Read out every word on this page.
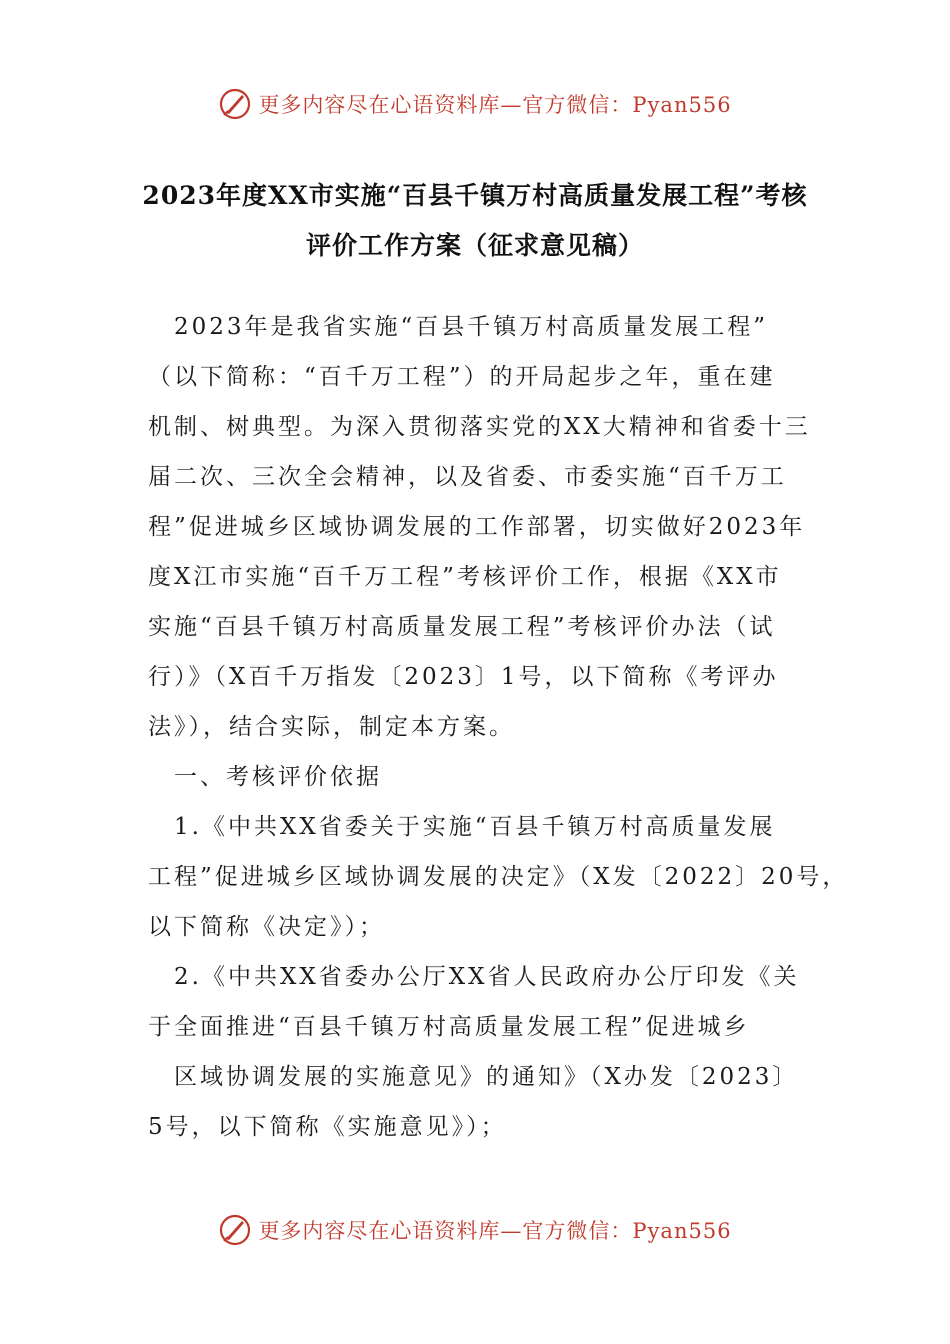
更多内容尽在心语资料库—官方微信：Pyan556
2023年度XX市实施“百县千镇万村高质量发展工程”考核
评价工作方案（征求意见稿）
　2023年是我省实施“百县千镇万村高质量发展工程”
（以下简称：“百千万工程”）的开局起步之年，重在建
机制、树典型。为深入贯彻落实党的XX大精神和省委十三
届二次、三次全会精神，以及省委、市委实施“百千万工
程”促进城乡区域协调发展的工作部署，切实做好2023年
度X江市实施“百千万工程”考核评价工作，根据《XX市
实施“百县千镇万村高质量发展工程”考核评价办法（试
行）》（X百千万指发〔2023〕1号，以下简称《考评办
法》），结合实际，制定本方案。
　一、考核评价依据
　1.《中共XX省委关于实施“百县千镇万村高质量发展
工程”促进城乡区域协调发展的决定》（X发〔2022〕20号，
以下简称《决定》）；
　2.《中共XX省委办公厅XX省人民政府办公厅印发《关
于全面推进“百县千镇万村高质量发展工程”促进城乡
　区域协调发展的实施意见》的通知》（X办发〔2023〕
5号，以下简称《实施意见》）；
更多内容尽在心语资料库—官方微信：Pyan556
